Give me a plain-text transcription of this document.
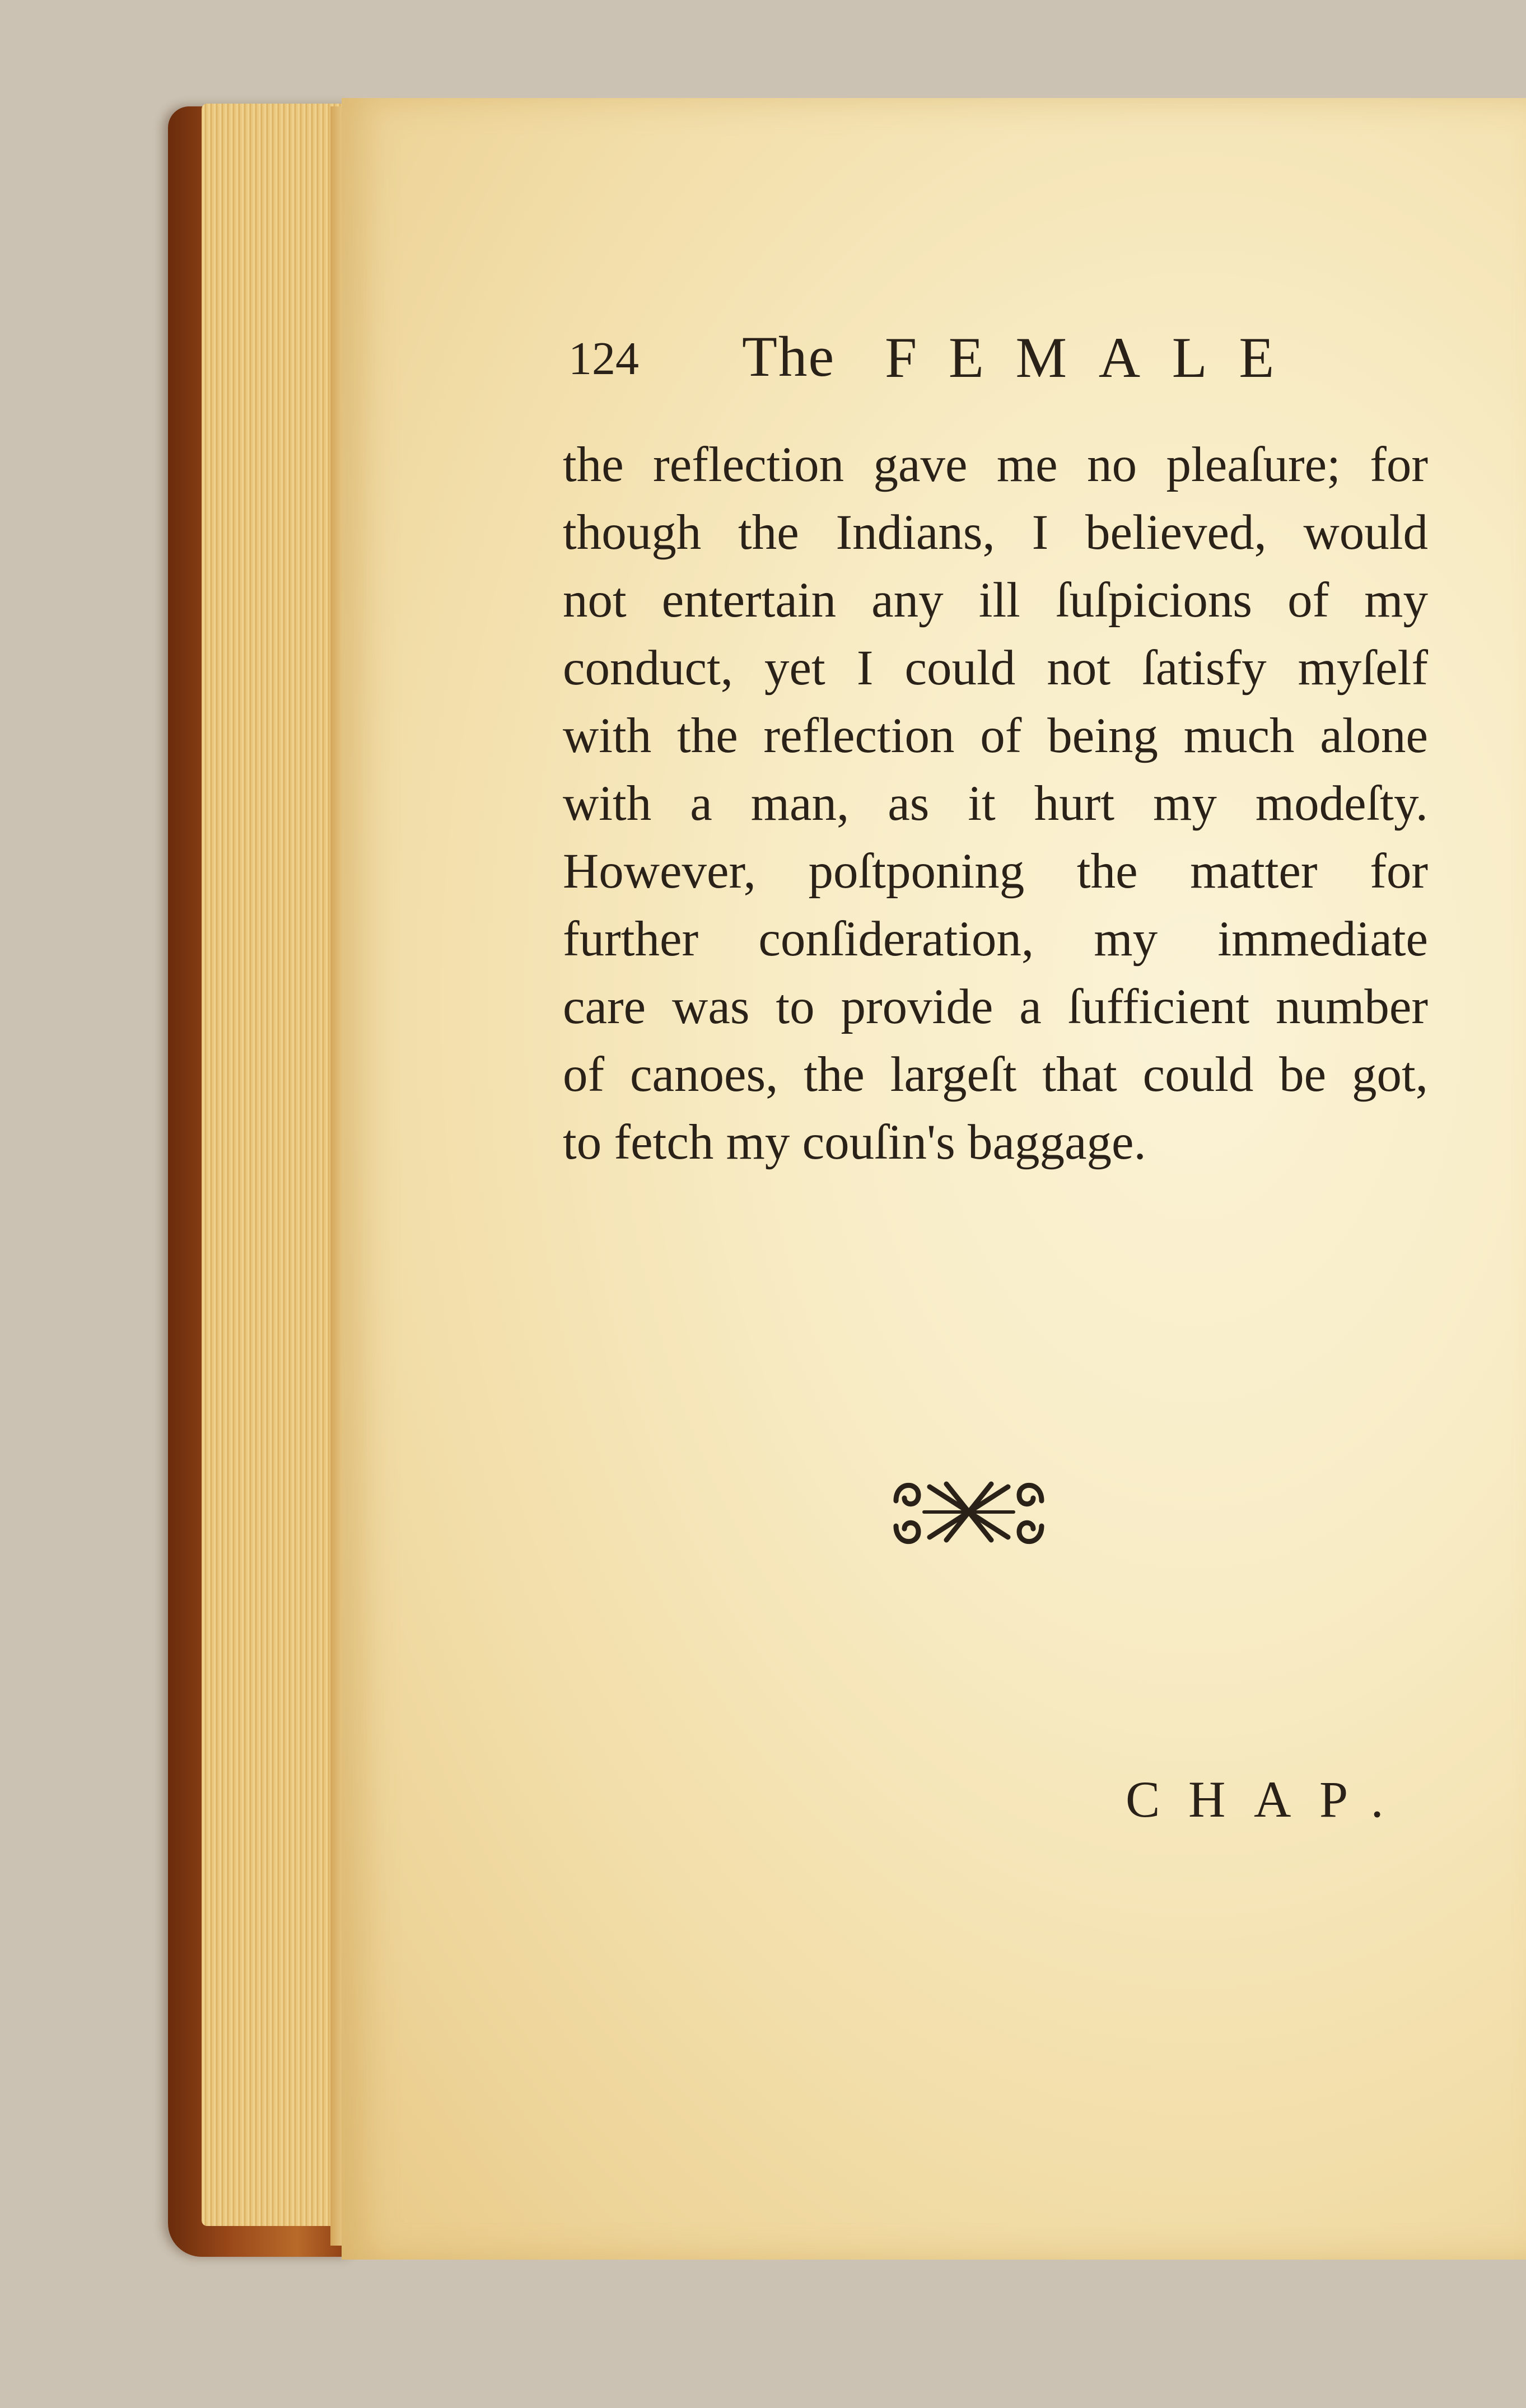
124 The FEMALE
the reflection gave me no pleaſure; for
though the Indians, I believed, would
not entertain any ill ſuſpicions of my
conduct, yet I could not ſatisfy myſelf
with the reflection of being much alone
with a man, as it hurt my modeſty.
However, poſtponing the matter for
further conſideration, my immediate
care was to provide a ſufficient number
of canoes, the largeſt that could be got,
to fetch my couſin's baggage.
CHAP.
